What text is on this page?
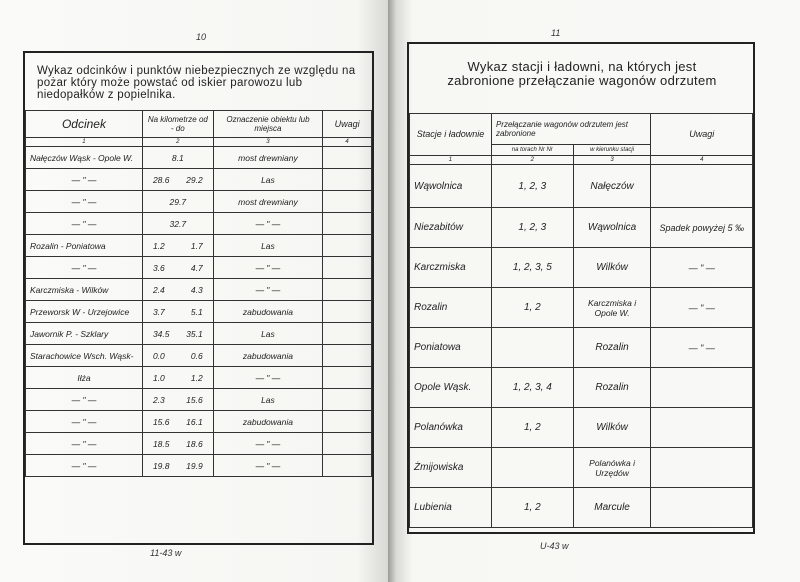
10
Wykaz odcinków i punktów niebezpiecznych ze względu na pożar który może powstać od iskier parowozu lub niedopałków z popielnika.
Odcinek	Na kilometrze od - do	Oznaczenie obiektu lub miejsca	Uwagi
1	2	3	4
Nałęczów Wąsk - Opole W.	8.1	most drewniany	
— " —	28.6 29.2	Las	
— " —	29.7	most drewniany	
— " —	32.7	— " —	
Rozalin - Poniatowa	1.2 1.7	Las	
— " —	3.6 4.7	— " —	
Karczmiska - Wilków	2.4 4.3	— " —	
Przeworsk W - Urzejowice	3.7 5.1	zabudowania	
Jawornik P. - Szklary	34.5 35.1	Las	
Starachowice Wsch. Wąsk-	0.0 0.6	zabudowania	
Iłża	1.0 1.2	— " —	
— " —	2.3 15.6	Las	
— " —	15.6 16.1	zabudowania	
— " —	18.5 18.6	— " —	
— " —	19.8 19.9	— " —	
11-43 w
11
Wykaz stacji i ładowni, na których jest
zabronione przełączanie wagonów odrzutem
Stacje i ładownie	Przełączanie wagonów odrzutem jest zabronione		Uwagi
	na torach Nr Nr	w kierunku stacji	
1	2	3	4
Wąwolnica	1, 2, 3	Nałęczów	
Niezabitów	1, 2, 3	Wąwolnica	Spadek powyżej 5 ‰
Karczmiska	1, 2, 3, 5	Wilków	— " —
Rozalin	1, 2	Karczmiska i Opole W.	— " —
Poniatowa		Rozalin	— " —
Opole Wąsk.	1, 2, 3, 4	Rozalin	
Polanówka	1, 2	Wilków	
Żmijowiska		Polanówka i Urzędów	
Lubienia	1, 2	Marcule	
U-43 w
